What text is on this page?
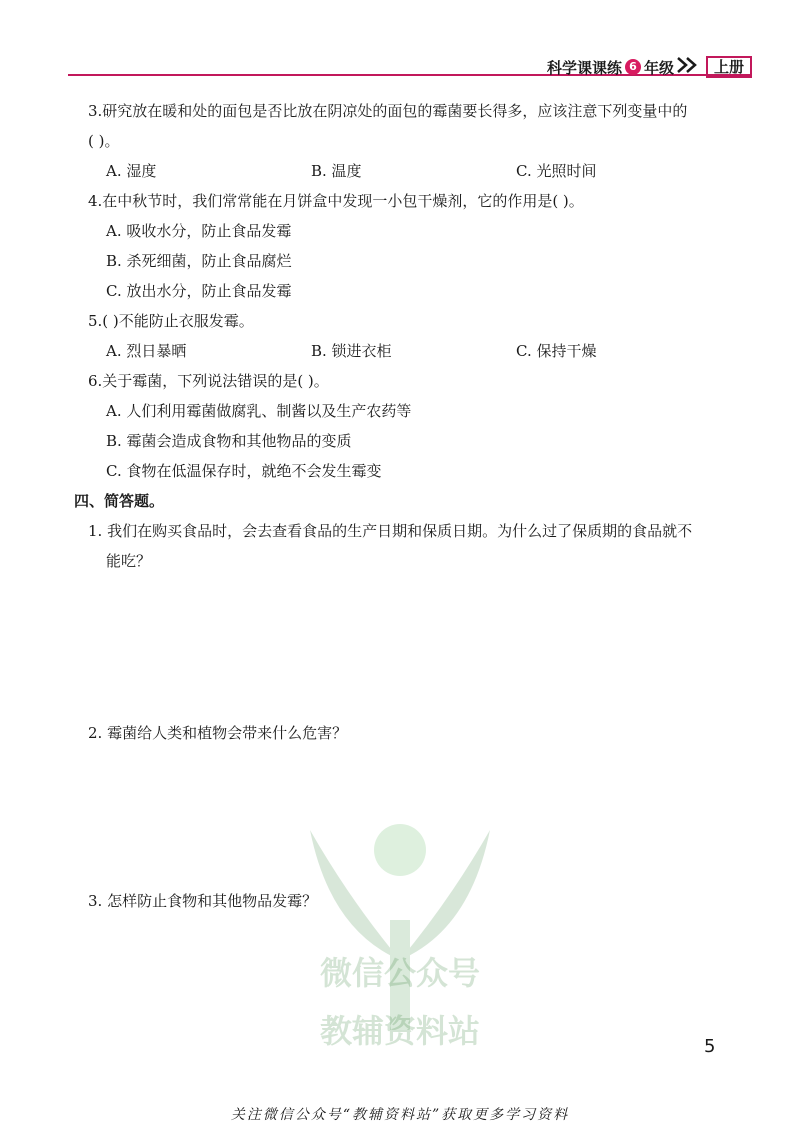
科学课课练 6 年级	上册
3.研究放在暖和处的面包是否比放在阴凉处的面包的霉菌要长得多，应该注意下列变量中的
( )。
A. 湿度	B. 温度	C. 光照时间
4.在中秋节时，我们常常能在月饼盒中发现一小包干燥剂，它的作用是( )。
A. 吸收水分，防止食品发霉
B. 杀死细菌，防止食品腐烂
C. 放出水分，防止食品发霉
5.( )不能防止衣服发霉。
A. 烈日暴晒	B. 锁进衣柜	C. 保持干燥
6.关于霉菌，下列说法错误的是( )。
A. 人们利用霉菌做腐乳、制酱以及生产农药等
B. 霉菌会造成食物和其他物品的变质
C. 食物在低温保存时，就绝不会发生霉变
四、简答题。
1. 我们在购买食品时，会去查看食品的生产日期和保质日期。为什么过了保质期的食品就不
能吃？
2. 霉菌给人类和植物会带来什么危害？
3. 怎样防止食物和其他物品发霉？
微信公众号
教辅资料站	5
关注微信公众号“教辅资料站”获取更多学习资料
